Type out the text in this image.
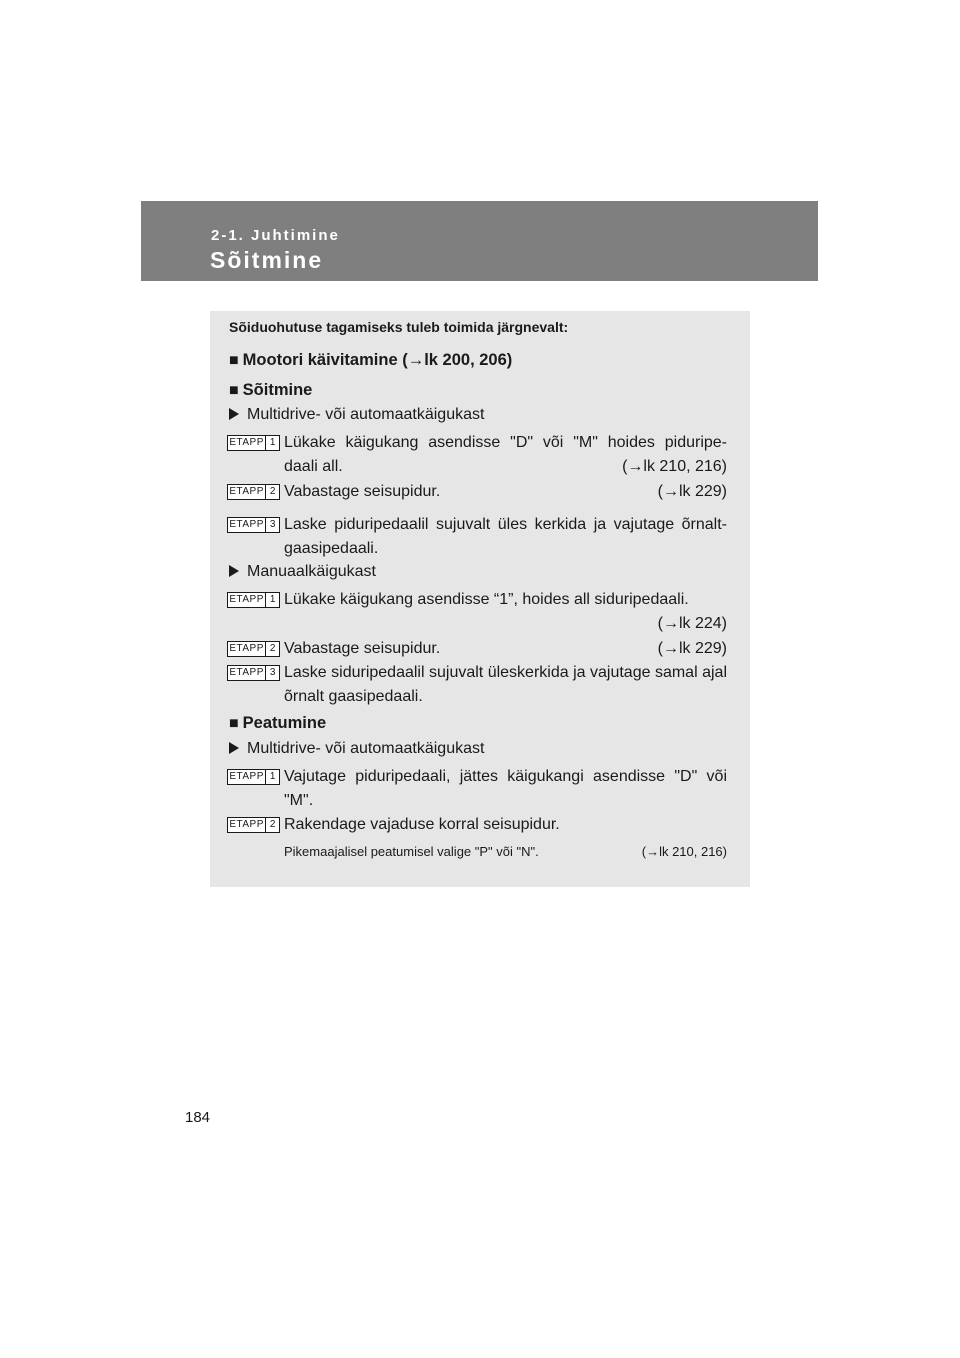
2-1. Juhtimine
Sõitmine
Sõiduohutuse tagamiseks tuleb toimida järgnevalt:
■ Mootori käivitamine (→lk 200, 206)
■ Sõitmine
Multidrive- või automaatkäigukast
ETAPP 1 Lükake käigukang asendisse "D" või "M" hoides piduripe- daali all.	(→lk 210, 216)
ETAPP 2 Vabastage seisupidur.	(→lk 229)
ETAPP 3 Laske piduripedaalil sujuvalt üles kerkida ja vajutage õrnalt- gaasipedaali.
Manuaalkäigukast
ETAPP 1 Lükake käigukang asendisse “1”, hoides all siduripedaali.
(→lk 224)
ETAPP 2 Vabastage seisupidur.	(→lk 229)
ETAPP 3 Laske siduripedaalil sujuvalt üleskerkida ja vajutage samal ajal õrnalt gaasipedaali.
■ Peatumine
Multidrive- või automaatkäigukast
ETAPP 1 Vajutage piduripedaali, jättes käigukangi asendisse "D" või "M".
ETAPP 2 Rakendage vajaduse korral seisupidur.
Pikemaajalisel peatumisel valige "P" või "N".	(→lk 210, 216)
184
